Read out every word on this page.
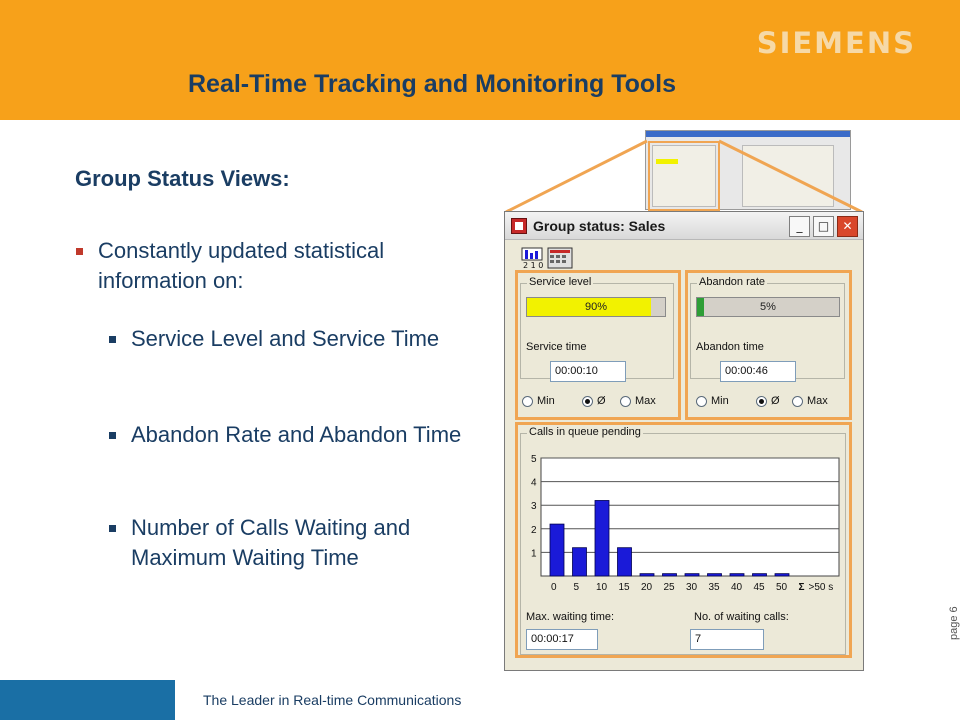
SIEMENS
Real-Time Tracking and Monitoring Tools
Group Status Views:
Constantly updated statistical information on:
Service Level and Service Time
Abandon Rate and Abandon Time
Number of Calls Waiting and Maximum Waiting Time
Group status: Sales	_	□	✕
2 1 0
Service level
90%
Service time
00:00:10
Min	Ø	Max
Abandon rate
5%
Abandon time
00:00:46
Min	Ø	Max
Calls in queue pending
Max. waiting time:
00:00:17
No. of waiting calls:
7
1
2
3
4
5
0 5 10 15 20 25 30 35 40 45 50 Σ >50 s
The Leader in Real-time Communications
page 6
